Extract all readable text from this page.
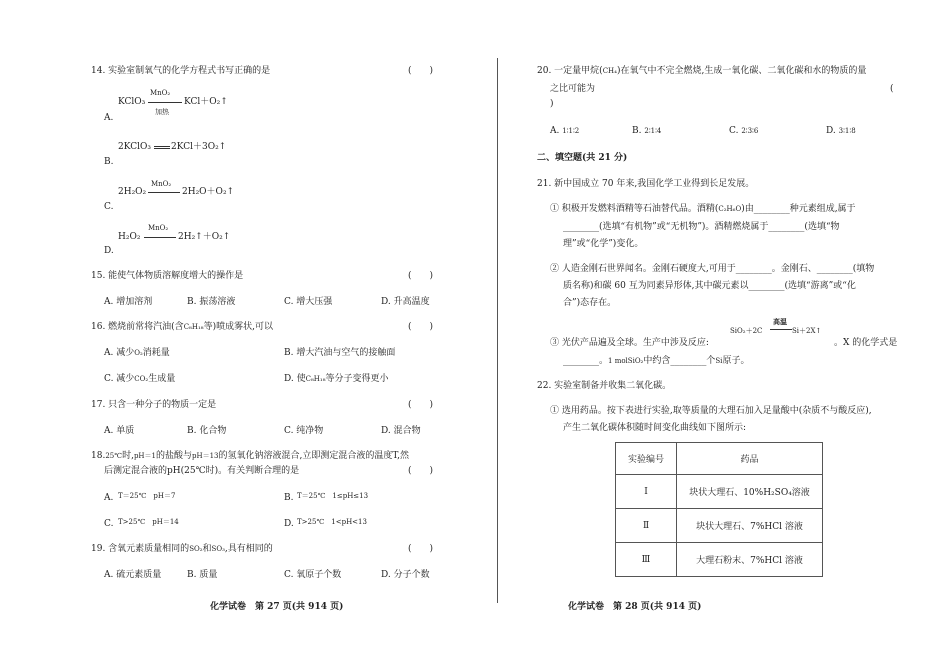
14. 实验室制氧气的化学方程式书写正确的是	(　　)
MnO₂
KClO₃	KCl＋O₂↑
加热
A.
2KClO₃ 2KCl＋3O₂↑
B.
MnO₂
2H₂O₂	2H₂O＋O₂↑
C.
MnO₂
H₂O₂	2H₂↑＋O₂↑
D.
15. 能使气体物质溶解度增大的操作是	(　　)
A. 增加溶剂	B. 振荡溶液	C. 增大压强	D. 升高温度
16. 燃烧前常将汽油(含C₈H₁₈等)喷成雾状,可以	(　　)
A. 减少O₂消耗量	B. 增大汽油与空气的接触面
C. 减少CO₂生成量	D. 使C₈H₁₈等分子变得更小
17. 只含一种分子的物质一定是	(　　)
A. 单质	B. 化合物	C. 纯净物	D. 混合物
18.25℃时,pH＝1的盐酸与pH＝13的氢氧化钠溶液混合,立即测定混合液的温度T,然
后测定混合液的pH(25℃时)。有关判断合理的是	(　　)
A. T＝25℃　pH＝7	B. T＝25℃　1≤pH≤13
C. T>25℃　pH＝14	D. T>25℃　1<pH<13
19. 含氧元素质量相同的SO₂和SO₃,具有相同的	(　　)
A. 硫元素质量	B. 质量	C. 氧原子个数	D. 分子个数
化学试卷　第 27 页(共 914 页)
20. 一定量甲烷(CH₄)在氧气中不完全燃烧,生成一氧化碳、二氧化碳和水的物质的量
之比可能为	(
)
A. 1∶1∶2	B. 2∶1∶4	C. 2∶3∶6	D. 3∶1∶8
二、填空题(共 21 分)
21. 新中国成立 70 年来,我国化学工业得到长足发展。
① 积极开发燃料酒精等石油替代品。酒精(C₂H₆O)由________种元素组成,属于
________(选填“有机物”或“无机物”)。酒精燃烧属于________(选填“物
理”或“化学”)变化。
② 人造金刚石世界闻名。金刚石硬度大,可用于________。金刚石、________(填物
质名称)和碳 60 互为同素异形体,其中碳元素以________(选填“游离”或“化
合”)态存在。
高温
SiO₂＋2C	Si＋2X↑
③ 光伏产品遍及全球。生产中涉及反应:	。X 的化学式是
________。1 molSiO₂中约含________个Si原子。
22. 实验室制备并收集二氧化碳。
① 选用药品。按下表进行实验,取等质量的大理石加入足量酸中(杂质不与酸反应),
产生二氧化碳体积随时间变化曲线如下图所示:
实验编号	药品
Ⅰ	块状大理石、10%H₂SO₄溶液
Ⅱ	块状大理石、7%HCl 溶液
Ⅲ	大理石粉末、7%HCl 溶液
化学试卷　第 28 页(共 914 页)
